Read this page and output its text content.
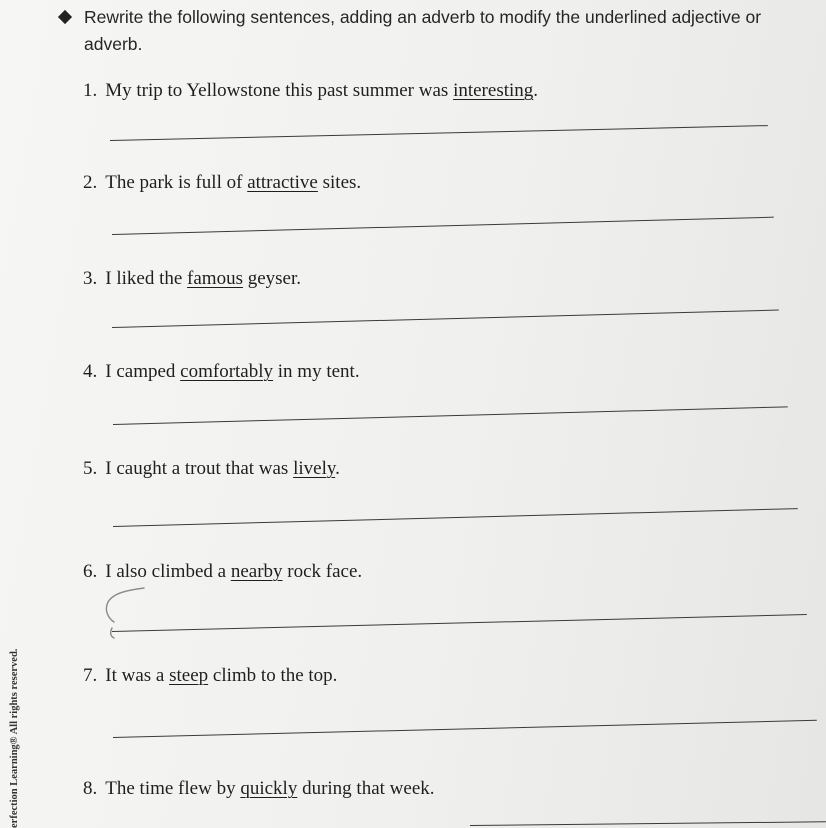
Rewrite the following sentences, adding an adverb to modify the underlined adjective or adverb.
1. My trip to Yellowstone this past summer was interesting.
2. The park is full of attractive sites.
3. I liked the famous geyser.
4. I camped comfortably in my tent.
5. I caught a trout that was lively.
6. I also climbed a nearby rock face.
7. It was a steep climb to the top.
8. The time flew by quickly during that week.
erfection Learning® All rights reserved.
